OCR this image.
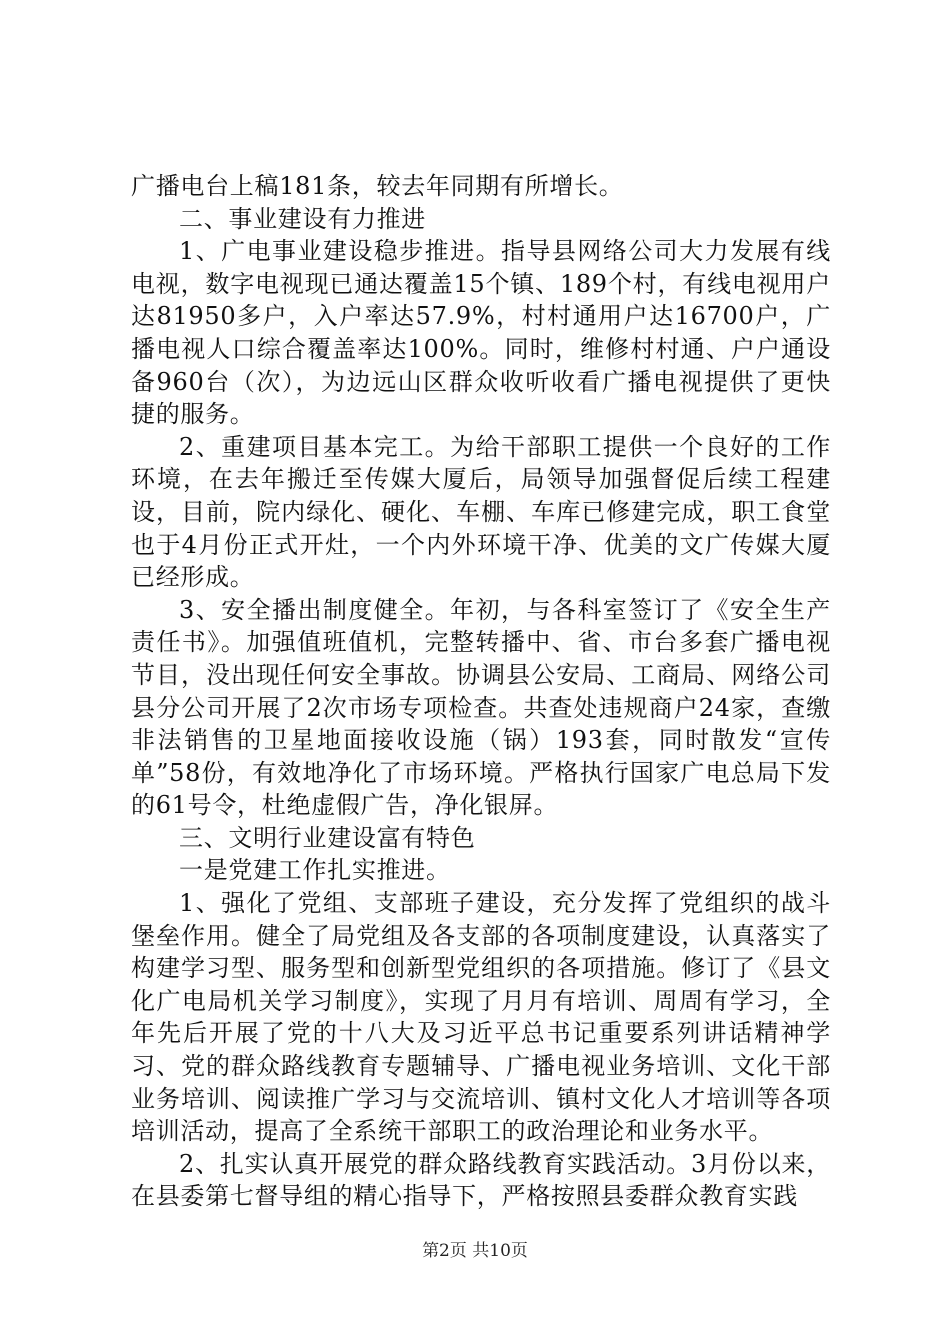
广播电台上稿181条，较去年同期有所增长。

二、事业建设有力推进

1、广电事业建设稳步推进。指导县网络公司大力发展有线电视，数字电视现已通达覆盖15个镇、189个村，有线电视用户达81950多户，入户率达57.9%，村村通用户达16700户，广播电视人口综合覆盖率达100%。同时，维修村村通、户户通设备960台（次），为边远山区群众收听收看广播电视提供了更快捷的服务。

2、重建项目基本完工。为给干部职工提供一个良好的工作环境，在去年搬迁至传媒大厦后，局领导加强督促后续工程建设，目前，院内绿化、硬化、车棚、车库已修建完成，职工食堂也于4月份正式开灶，一个内外环境干净、优美的文广传媒大厦已经形成。

3、安全播出制度健全。年初，与各科室签订了《安全生产责任书》。加强值班值机，完整转播中、省、市台多套广播电视节目，没出现任何安全事故。协调县公安局、工商局、网络公司县分公司开展了2次市场专项检查。共查处违规商户24家，查缴非法销售的卫星地面接收设施（锅）193套，同时散发“宣传单”58份，有效地净化了市场环境。严格执行国家广电总局下发的61号令，杜绝虚假广告，净化银屏。

三、文明行业建设富有特色

一是党建工作扎实推进。

1、强化了党组、支部班子建设，充分发挥了党组织的战斗堡垒作用。健全了局党组及各支部的各项制度建设，认真落实了构建学习型、服务型和创新型党组织的各项措施。修订了《县文化广电局机关学习制度》，实现了月月有培训、周周有学习，全年先后开展了党的十八大及习近平总书记重要系列讲话精神学习、党的群众路线教育专题辅导、广播电视业务培训、文化干部业务培训、阅读推广学习与交流培训、镇村文化人才培训等各项培训活动，提高了全系统干部职工的政治理论和业务水平。

2、扎实认真开展党的群众路线教育实践活动。3月份以来，在县委第七督导组的精心指导下，严格按照县委群众教育实践

第2页 共10页
